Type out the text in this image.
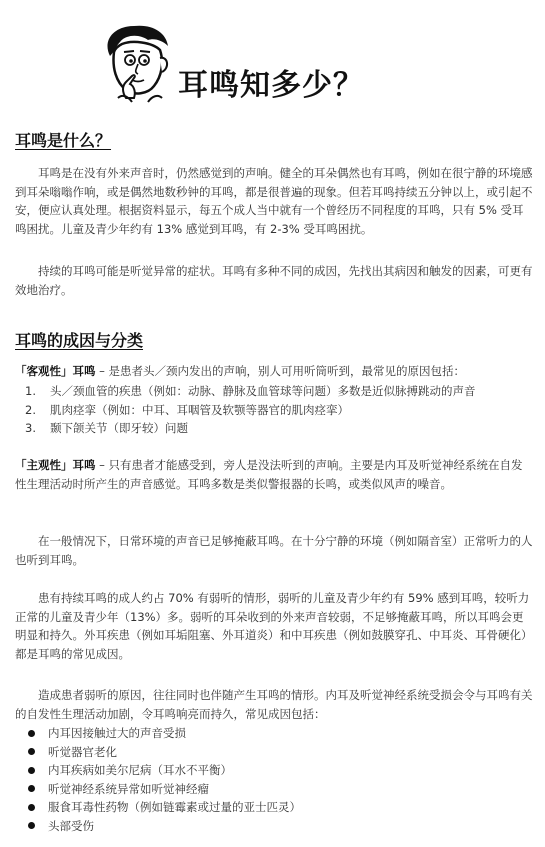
耳鸣知多少？
耳鸣是什么？

耳鸣是在没有外来声音时，仍然感觉到的声响。健全的耳朵偶然也有耳鸣，例如在很宁静的环境感到耳朵嗡嗡作响，或是偶然地数秒钟的耳鸣，都是很普遍的现象。但若耳鸣持续五分钟以上，或引起不安，便应认真处理。根据资料显示，每五个成人当中就有一个曾经历不同程度的耳鸣，只有 5% 受耳鸣困扰。儿童及青少年约有 13% 感觉到耳鸣，有 2-3% 受耳鸣困扰。

持续的耳鸣可能是听觉异常的症状。耳鸣有多种不同的成因，先找出其病因和触发的因素，可更有效地治疗。

耳鸣的成因与分类

「客观性」耳鸣 – 是患者头／颈内发出的声响，别人可用听筒听到，最常见的原因包括：

1. 头／颈血管的疾患（例如：动脉、静脉及血管球等问题）多数是近似脉搏跳动的声音
2. 肌肉痉挛（例如：中耳、耳咽管及软颚等器官的肌肉痉挛）
3. 颞下颌关节（即牙较）问题

「主观性」耳鸣 – 只有患者才能感受到，旁人是没法听到的声响。主要是内耳及听觉神经系统在自发性生理活动时所产生的声音感觉。耳鸣多数是类似警报器的长鸣，或类似风声的噪音。

在一般情况下，日常环境的声音已足够掩蔽耳鸣。在十分宁静的环境（例如隔音室）正常听力的人也听到耳鸣。

患有持续耳鸣的成人约占 70% 有弱听的情形，弱听的儿童及青少年约有 59% 感到耳鸣，较听力正常的儿童及青少年（13%）多。弱听的耳朵收到的外来声音较弱，不足够掩蔽耳鸣，所以耳鸣会更明显和持久。外耳疾患（例如耳垢阻塞、外耳道炎）和中耳疾患（例如鼓膜穿孔、中耳炎、耳骨硬化）都是耳鸣的常见成因。

造成患者弱听的原因，往往同时也伴随产生耳鸣的情形。内耳及听觉神经系统受损会令与耳鸣有关的自发性生理活动加剧，令耳鸣响亮而持久，常见成因包括：

内耳因接触过大的声音受损
听觉器官老化
内耳疾病如美尔尼病（耳水不平衡）
听觉神经系统异常如听觉神经瘤
服食耳毒性药物（例如链霉素或过量的亚士匹灵）
头部受伤
